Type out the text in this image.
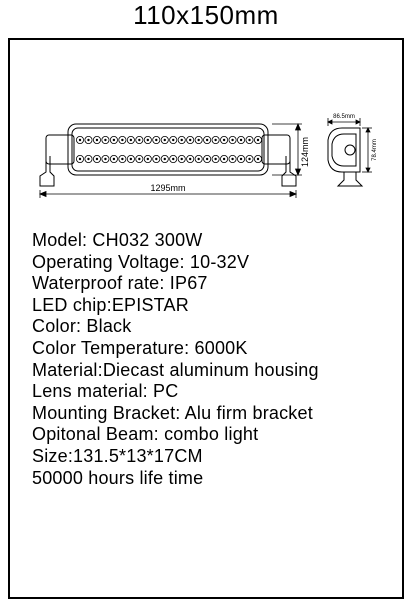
110x150mm
1295mm
124mm
86.5mm
78.4mm
Model: CH032 300W
Operating Voltage: 10-32V
Waterproof rate: IP67
LED chip:EPISTAR
Color: Black
Color Temperature: 6000K
Material:Diecast aluminum housing
Lens material: PC
Mounting Bracket: Alu firm bracket
Opitonal Beam: combo light
Size:131.5*13*17CM
50000 hours life time
